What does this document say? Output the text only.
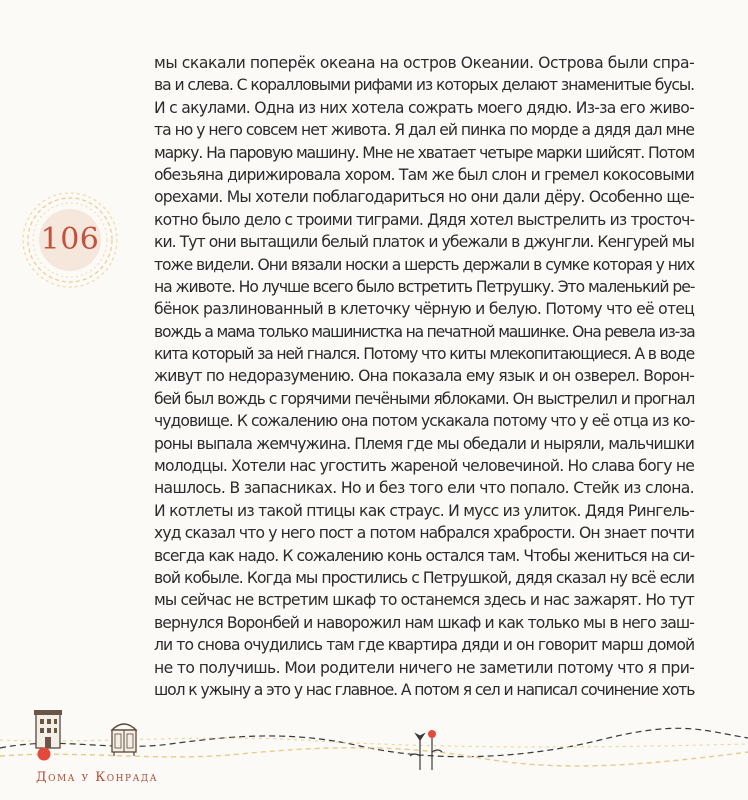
106
мы скакали поперёк океана на остров Океании. Острова были спра-
ва и слева. С коралловыми рифами из которых делают знаменитые бусы.
И с акулами. Одна из них хотела сожрать моего дядю. Из-за его живо-
та но у него совсем нет живота. Я дал ей пинка по морде а дядя дал мне
марку. На паровую машину. Мне не хватает четыре марки шийсят. Потом
обезьяна дирижировала хором. Там же был слон и гремел кокосовыми
орехами. Мы хотели поблагодариться но они дали дёру. Особенно ще-
котно было дело с троими тиграми. Дядя хотел выстрелить из тросточ-
ки. Тут они вытащили белый платок и убежали в джунгли. Кенгурей мы
тоже видели. Они вязали носки а шерсть держали в сумке которая у них
на животе. Но лучше всего было встретить Петрушку. Это маленький ре-
бёнок разлинованный в клеточку чёрную и белую. Потому что её отец
вождь а мама только машинистка на печатной машинке. Она ревела из-за
кита который за ней гнался. Потому что киты млекопитающиеся. А в воде
живут по недоразумению. Она показала ему язык и он озверел. Ворон-
бей был вождь с горячими печёными яблоками. Он выстрелил и прогнал
чудовище. К сожалению она потом ускакала потому что у её отца из ко-
роны выпала жемчужина. Племя где мы обедали и ныряли, мальчишки
молодцы. Хотели нас угостить жареной человечиной. Но слава богу не
нашлось. В запасниках. Но и без того ели что попало. Стейк из слона.
И котлеты из такой птицы как страус. И мусс из улиток. Дядя Рингель-
худ сказал что у него пост а потом набрался храбрости. Он знает почти
всегда как надо. К сожалению конь остался там. Чтобы жениться на си-
вой кобыле. Когда мы простились с Петрушкой, дядя сказал ну всё если
мы сейчас не встретим шкаф то останемся здесь и нас зажарят. Но тут
вернулся Воронбей и наворожил нам шкаф и как только мы в него заш-
ли то снова очудились там где квартира дяди и он говорит марш домой
не то получишь. Мои родители ничего не заметили потому что я при-
шол к ужыну а это у нас главное. А потом я сел и написал сочинение хоть
Дома у Конрада
